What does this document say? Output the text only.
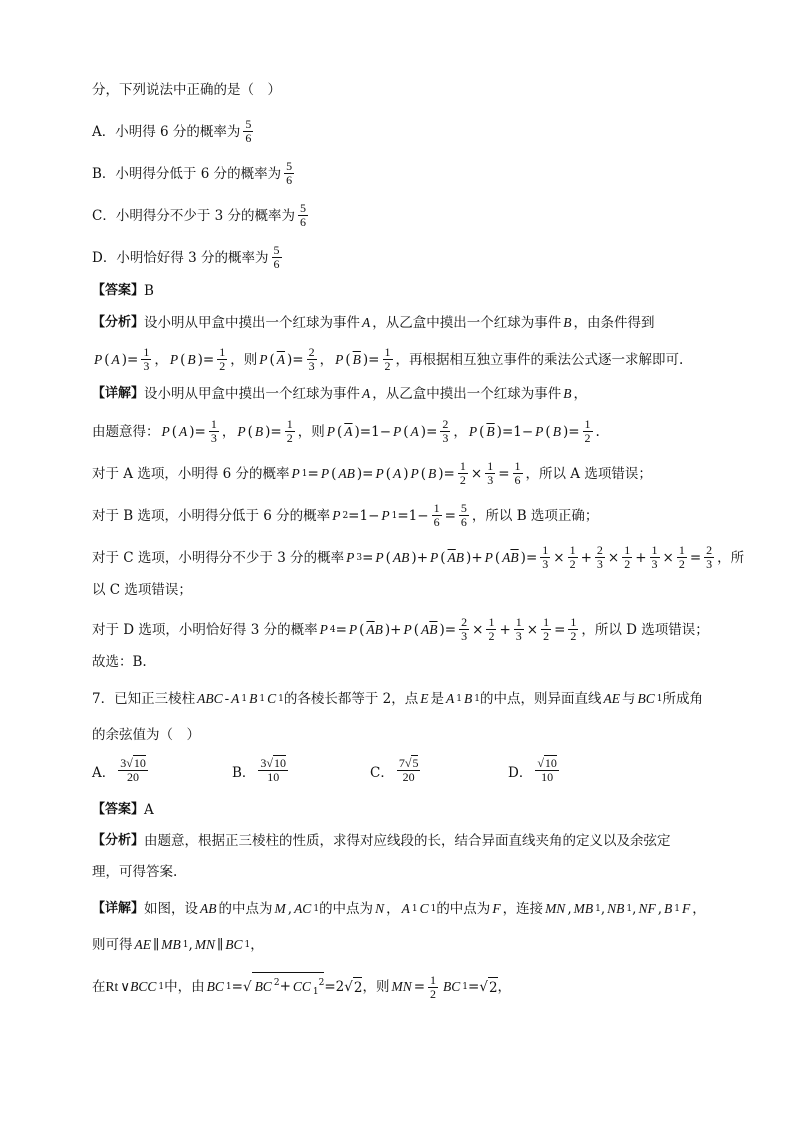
分，下列说法中正确的是（　）
A．小明得 6 分的概率为 $\frac{5}{6}$
B．小明得分低于 6 分的概率为 $\frac{5}{6}$
C．小明得分不少于 3 分的概率为 $\frac{5}{6}$
D．小明恰好得 3 分的概率为 $\frac{5}{6}$
【答案】 B
【分析】 设小明从甲盒中摸出一个红球为事件 A ，从乙盒中摸出一个红球为事件 B ，由条件得到
P ( A )= $\frac{1}{3}$ ， P ( B )= $\frac{1}{2}$ ，则 P ( $\overline{A}$ )= $\frac{2}{3}$ ， P ( $\overline{B}$ )= $\frac{1}{2}$ ，再根据相互独立事件的乘法公式逐一求解即可.
【详解】 设小明从甲盒中摸出一个红球为事件 A ，从乙盒中摸出一个红球为事件 B ，
由题意得： P ( A )= $\frac{1}{3}$ ， P ( B )= $\frac{1}{2}$ ，则 P ( $\overline{A}$ )=1− P ( A )= $\frac{2}{3}$ ， P ( $\overline{B}$ )=1− P ( B )= $\frac{1}{2}$ .
对于 A 选项，小明得 6 分的概率 P 1 = P ( AB )= P ( A ) P ( B )= $\frac{1}{2} \times \frac{1}{3} = \frac{1}{6}$ ，所以 A 选项错误；
对于 B 选项，小明得分低于 6 分的概率 P 2 =1− P $1 =1- \frac{1}{6} = \frac{5}{6}$ ，所以 B 选项正确；
对于 C 选项，小明得分不少于 3 分的概率 P 3 = P ( AB )+ P ( $\overline{A}B$ )+ P ( $A\overline{B}$ )= $\frac{1}{3} \times \frac{1}{2} + \frac{2}{3} \times \frac{1}{2} + \frac{1}{3} \times \frac{1}{2} = \frac{2}{3}$ ，所
以 C 选项错误；
对于 D 选项，小明恰好得 3 分的概率 P 4 = P ( $\overline{A}B$ )+ P ( $A\overline{B}$ )= $\frac{2}{3} \times \frac{1}{2} + \frac{1}{3} \times \frac{1}{2} = \frac{1}{2}$ ，所以 D 选项错误；
故选：B.
7．已知正三棱柱 ABC - A 1 B 1 C 1 的各棱长都等于 2，点 E 是 A 1 B 1 的中点，则异面直线 AE 与 BC 1 所成角
的余弦值为（　）
A． $\frac{3√10}{20}$	B． $\frac{3√10}{10}$	C． $\frac{7√5}{20}$	D． $\frac{√10}{10}$
【答案】 A
【分析】 由题意，根据正三棱柱的性质，求得对应线段的长，结合异面直线夹角的定义以及余弦定
理，可得答案.
【详解】 如图，设 AB 的中点为 M , AC 1 的中点为 N ， A 1 C 1 的中点为 F ，连接 MN , MB 1 , NB 1 , NF , B 1 F ，
则可得 AE ∥ MB 1 , MN ∥ BC 1 ，
在 Rt ∨BCC 1 中，由 BC 1 =√ BC $^2$+ CC $_1^2$ =2√ 2 ，则 MN = $\frac{1}{2}$ BC 1 =√ 2 ，
